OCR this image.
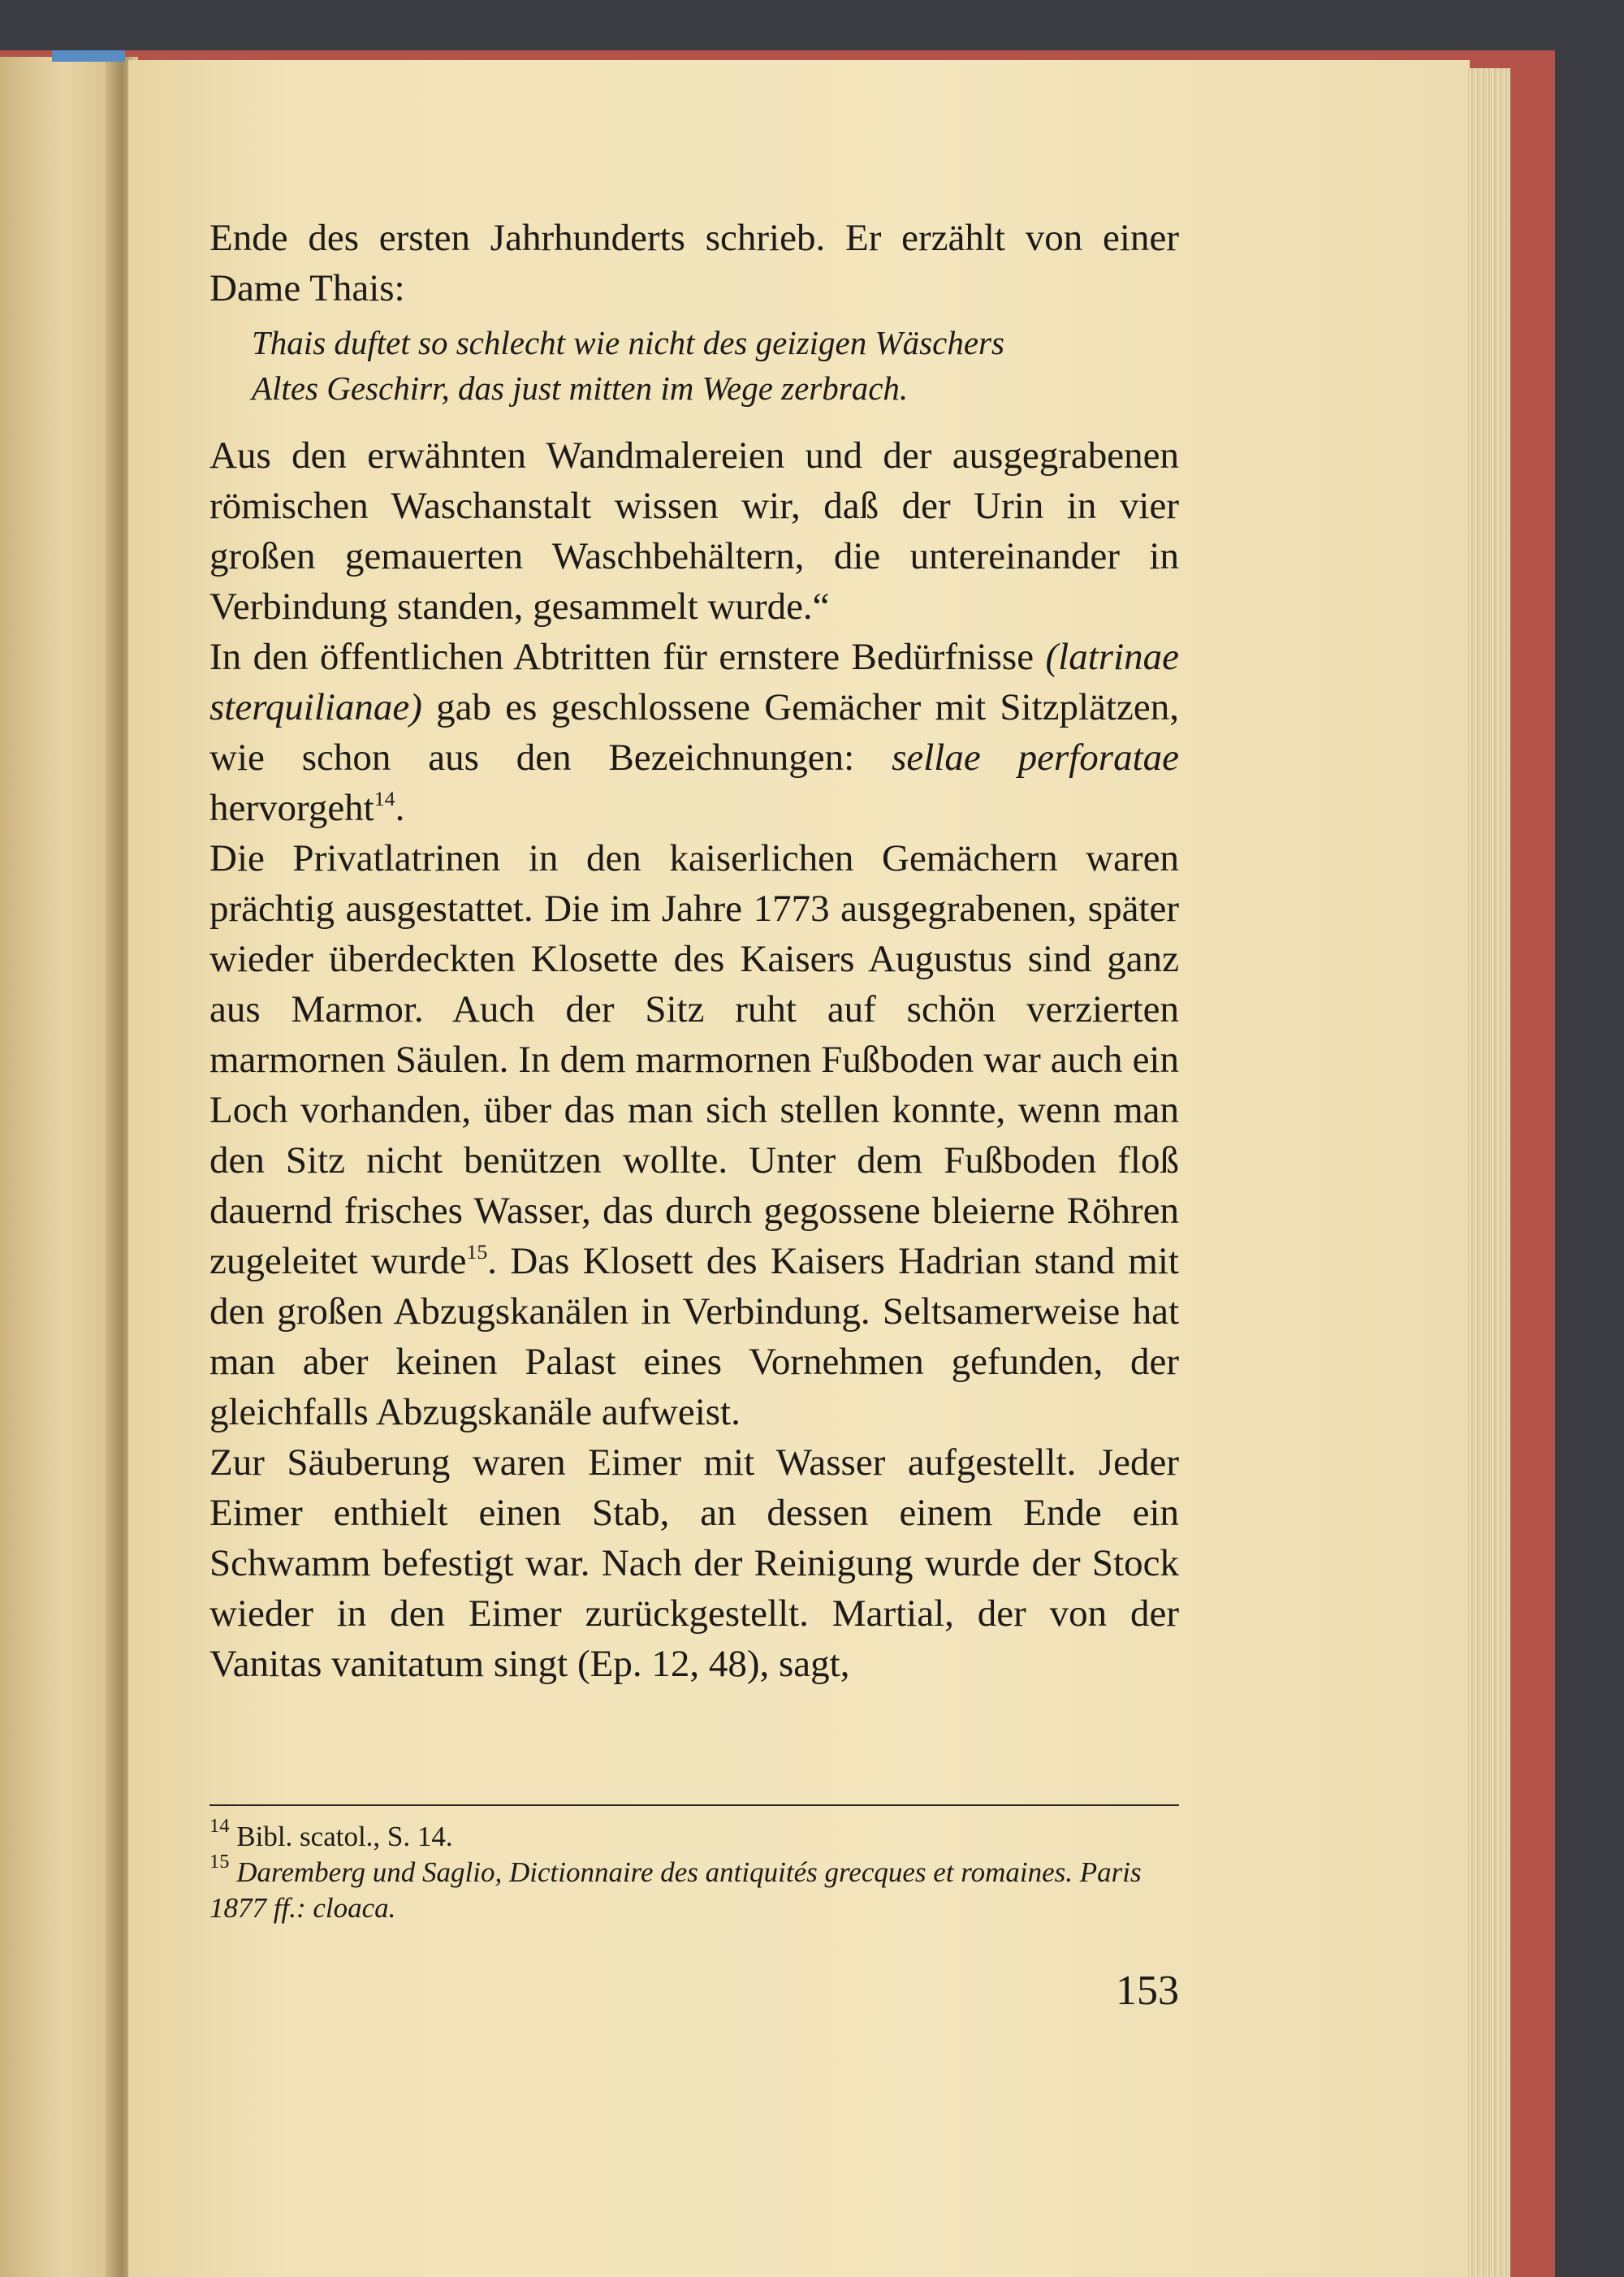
Ende des ersten Jahrhunderts schrieb. Er erzählt von einer Dame Thais:

Thais duftet so schlecht wie nicht des geizigen Wäschers
Altes Geschirr, das just mitten im Wege zerbrach.

Aus den erwähnten Wandmalereien und der ausgegrabenen römischen Waschanstalt wissen wir, daß der Urin in vier großen gemauerten Waschbehältern, die untereinander in Verbindung standen, gesammelt wurde.“

In den öffentlichen Abtritten für ernstere Bedürfnisse (latrinae sterquilianae) gab es geschlossene Gemächer mit Sitzplätzen, wie schon aus den Bezeichnungen: sellae perforatae hervorgeht$^{14}$.

Die Privatlatrinen in den kaiserlichen Gemächern waren prächtig ausgestattet. Die im Jahre 1773 ausgegrabenen, später wieder überdeckten Klosette des Kaisers Augustus sind ganz aus Marmor. Auch der Sitz ruht auf schön verzierten marmornen Säulen. In dem marmornen Fußboden war auch ein Loch vorhanden, über das man sich stellen konnte, wenn man den Sitz nicht benützen wollte. Unter dem Fußboden floß dauernd frisches Wasser, das durch gegossene bleierne Röhren zugeleitet wurde$^{15}$. Das Klosett des Kaisers Hadrian stand mit den großen Abzugskanälen in Verbindung. Seltsamerweise hat man aber keinen Palast eines Vornehmen gefunden, der gleichfalls Abzugskanäle aufweist.

Zur Säuberung waren Eimer mit Wasser aufgestellt. Jeder Eimer enthielt einen Stab, an dessen einem Ende ein Schwamm befestigt war. Nach der Reinigung wurde der Stock wieder in den Eimer zurückgestellt. Martial, der von der Vanitas vanitatum singt (Ep. 12, 48), sagt,

$^{14}$ Bibl. scatol., S. 14.

$^{15}$ Daremberg und Saglio, Dictionnaire des antiquités grecques et romaines. Paris 1877 ff.: cloaca.

153
